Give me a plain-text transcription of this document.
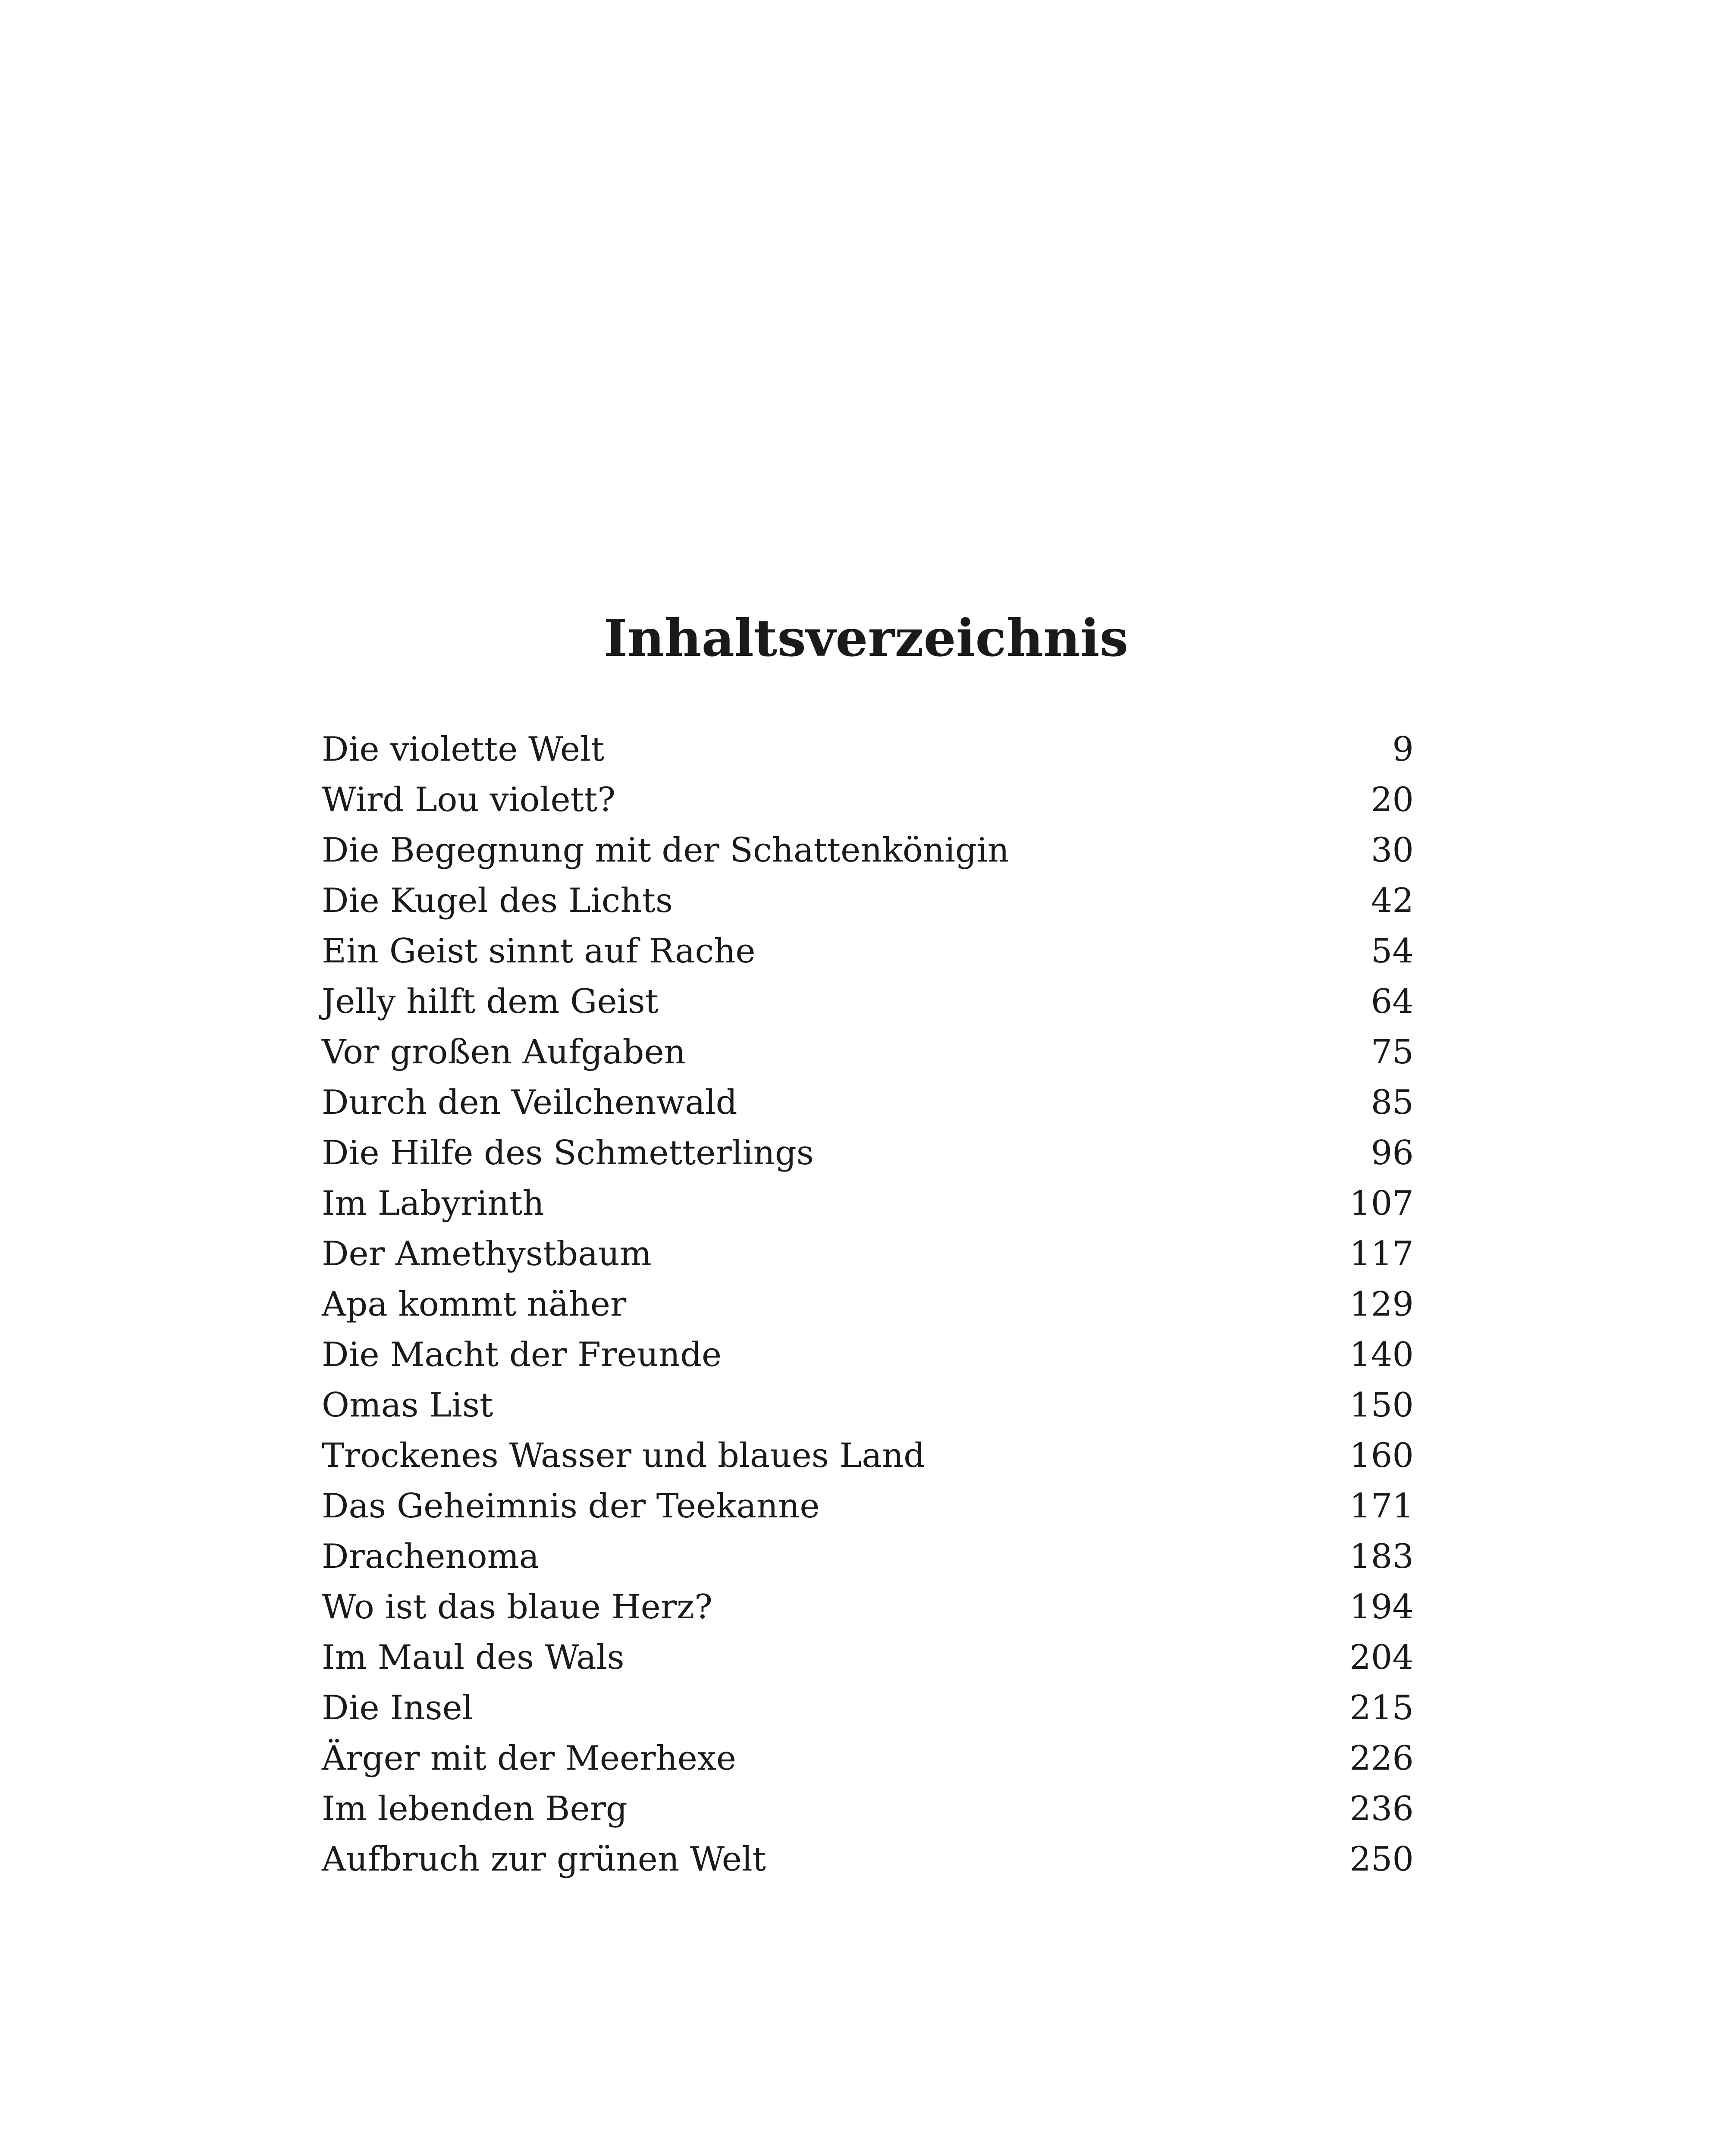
Inhaltsverzeichnis
Die violette Welt	9
Wird Lou violett?	20
Die Begegnung mit der Schattenkönigin	30
Die Kugel des Lichts	42
Ein Geist sinnt auf Rache	54
Jelly hilft dem Geist	64
Vor großen Aufgaben	75
Durch den Veilchenwald	85
Die Hilfe des Schmetterlings	96
Im Labyrinth	107
Der Amethystbaum	117
Apa kommt näher	129
Die Macht der Freunde	140
Omas List	150
Trockenes Wasser und blaues Land	160
Das Geheimnis der Teekanne	171
Drachenoma	183
Wo ist das blaue Herz?	194
Im Maul des Wals	204
Die Insel	215
Ärger mit der Meerhexe	226
Im lebenden Berg	236
Aufbruch zur grünen Welt	250
